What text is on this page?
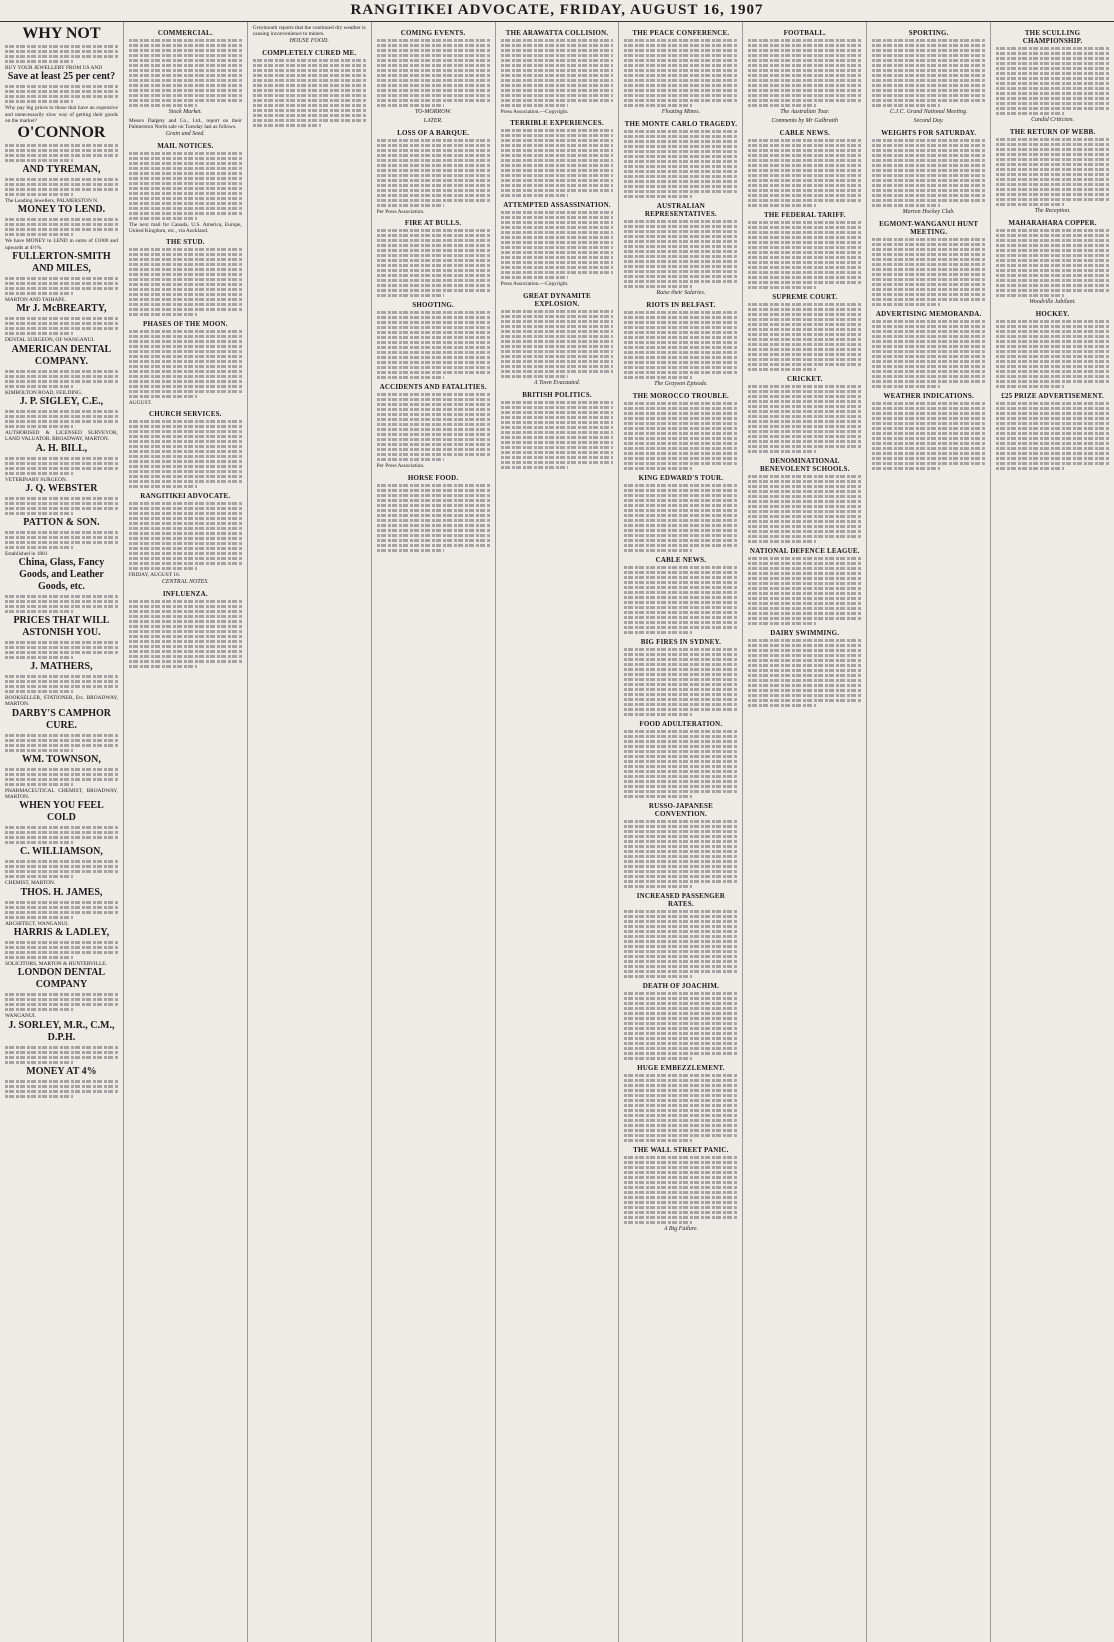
RANGITIKEI ADVOCATE, FRIDAY, AUGUST 16, 1907
WHY NOT
BUY YOUR JEWELLERY FROM US AND
Save at least 25 per cent?
Why pay big prices to those that have an expensive and unnecessarily slow way of getting their goods on the market?
O'CONNOR
AND TYREMAN,
The Leading Jewellers, PALMERSTON N.
MONEY TO LEND.
We have MONEY to LEND in sums of £1000 and upwards at 4½%.
FULLERTON-SMITH AND MILES,
MARTON AND TAIHAPE.
Mr J. McBREARTY,
DENTAL SURGEON, OF WANGANUI.
AMERICAN DENTAL COMPANY.
KIMBOLTON ROAD, FEILDING.
J. P. SIGLEY, C.E.,
AUTHORISED & LICENSED SURVEYOR, LAND VALUATOR. BROADWAY, MARTON.
A. H. BILL,
VETERINARY SURGEON.
J. Q. WEBSTER
PATTON & SON.
Established in 1881
China, Glass, Fancy Goods, and Leather Goods, etc.
PRICES THAT WILL ASTONISH YOU.
J. MATHERS,
BOOKSELLER, STATIONER, Etc. BROADWAY, MARTON.
DARBY'S CAMPHOR CURE.
WM. TOWNSON,
PHARMACEUTICAL CHEMIST, BROADWAY, MARTON.
WHEN YOU FEEL COLD
C. WILLIAMSON,
CHEMIST, MARTON.
THOS. H. JAMES,
ARCHITECT, WANGANUI.
HARRIS & LADLEY,
SOLICITORS, MARTON & HUNTERVILLE.
LONDON DENTAL COMPANY
WANGANUI.
J. SORLEY, M.R., C.M., D.P.H.
MONEY AT 4%
COMMERCIAL.
Stock Market.
Messrs Dalgety and Co., Ltd., report on their Palmerston North sale on Tuesday last as follows.
Grain and Seed.
MAIL NOTICES.
The next mail for Canada, U.S. America, Europe, United Kingdom, etc., via Auckland.
THE STUD.
PHASES OF THE MOON.
AUGUST.
CHURCH SERVICES.
RANGITIKEI ADVOCATE.
FRIDAY, AUGUST 16.
CENTRAL NOTES.
INFLUENZA.
Greymouth reports that the continued dry weather is causing inconvenience to miners.
HOUSE FOOD.
COMPLETELY CURED ME.
COMING EVENTS.
TO-MORROW.
LATER.
LOSS OF A BARQUE.
Per Press Association.
FIRE AT BULLS.
SHOOTING.
ACCIDENTS AND FATALITIES.
Per Press Association.
HORSE FOOD.
THE ARAWATTA COLLISION.
Press Association.—Copyright.
TERRIBLE EXPERIENCES.
ATTEMPTED ASSASSINATION.
Press Association.—Copyright.
GREAT DYNAMITE EXPLOSION.
A Town Evacuated.
BRITISH POLITICS.
THE PEACE CONFERENCE.
Floating Mines.
THE MONTE CARLO TRAGEDY.
AUSTRALIAN REPRESENTATIVES.
Raise their Salaries.
RIOTS IN BELFAST.
The Grayson Episode.
THE MOROCCO TROUBLE.
KING EDWARD'S TOUR.
CABLE NEWS.
BIG FIRES IN SYDNEY.
FOOD ADULTERATION.
RUSSO-JAPANESE CONVENTION.
INCREASED PASSENGER RATES.
DEATH OF JOACHIM.
HUGE EMBEZZLEMENT.
THE WALL STREET PANIC.
A Big Failure.
FOOTBALL.
The Australian Tour.
Comments by Mr Galbraith
CABLE NEWS.
THE FEDERAL TARIFF.
SUPREME COURT.
CRICKET.
DENOMINATIONAL BENEVOLENT SCHOOLS.
NATIONAL DEFENCE LEAGUE.
DAIRY SWIMMING.
SPORTING.
C.J.C. Grand National Meeting.
Second Day.
WEIGHTS FOR SATURDAY.
Marton Hockey Club.
EGMONT-WANGANUI HUNT MEETING.
ADVERTISING MEMORANDA.
WEATHER INDICATIONS.
THE SCULLING CHAMPIONSHIP.
Candid Criticism.
THE RETURN OF WEBB.
The Reception.
MAHARAHARA COPPER.
Woodville Jubilant.
HOCKEY.
£25 PRIZE ADVERTISEMENT.
